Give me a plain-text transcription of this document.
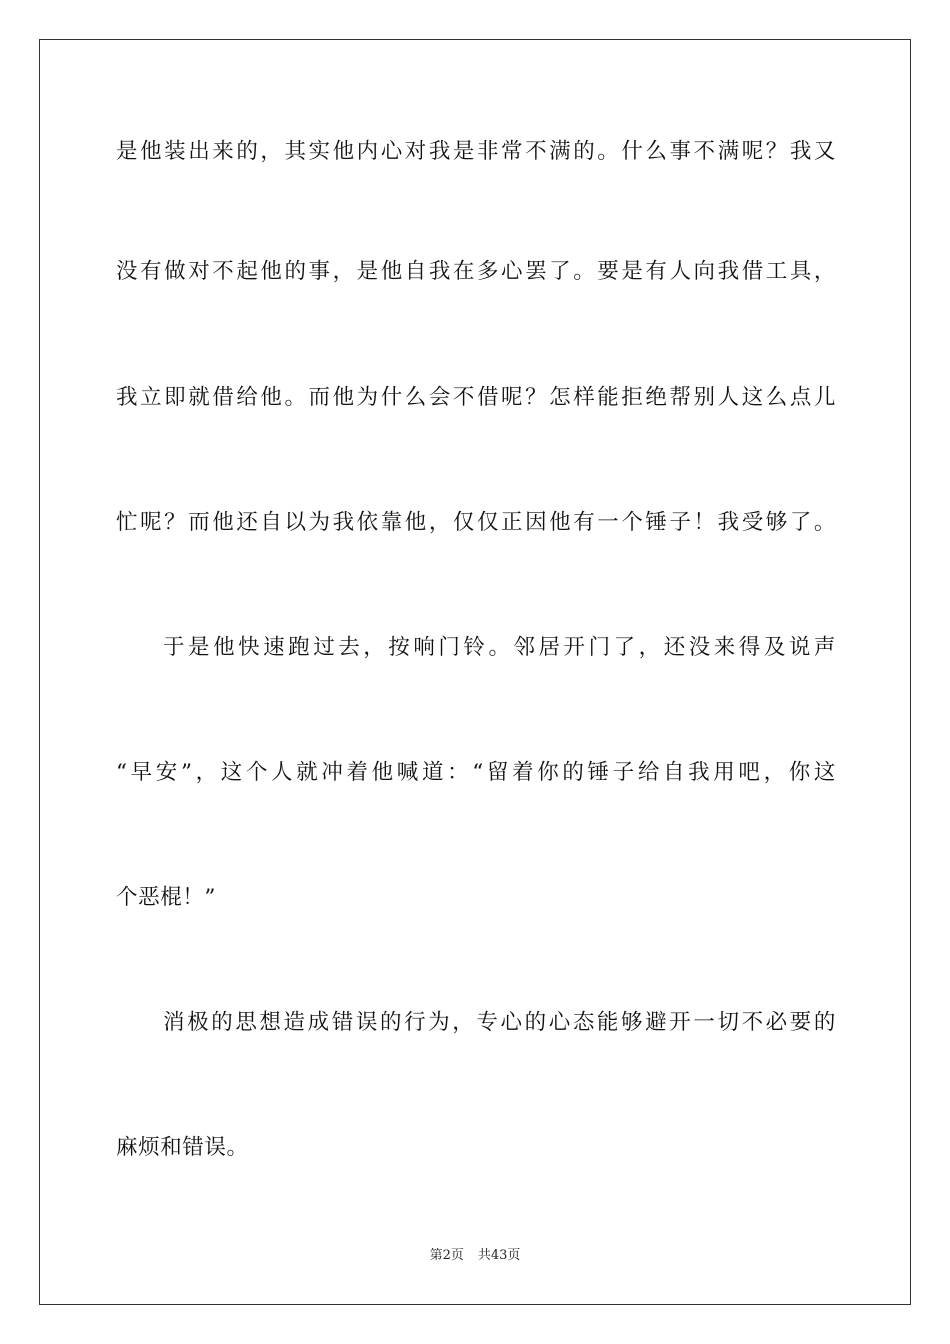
是他装出来的，其实他内心对我是非常不满的。什么事不满呢？我又
没有做对不起他的事，是他自我在多心罢了。要是有人向我借工具，
我立即就借给他。而他为什么会不借呢？怎样能拒绝帮别人这么点儿
忙呢？而他还自以为我依靠他，仅仅正因他有一个锤子！我受够了。
于是他快速跑过去，按响门铃。邻居开门了，还没来得及说声
“早安”，这个人就冲着他喊道：“留着你的锤子给自我用吧，你这
个恶棍！”
消极的思想造成错误的行为，专心的心态能够避开一切不必要的
麻烦和错误。
第2页 共43页
